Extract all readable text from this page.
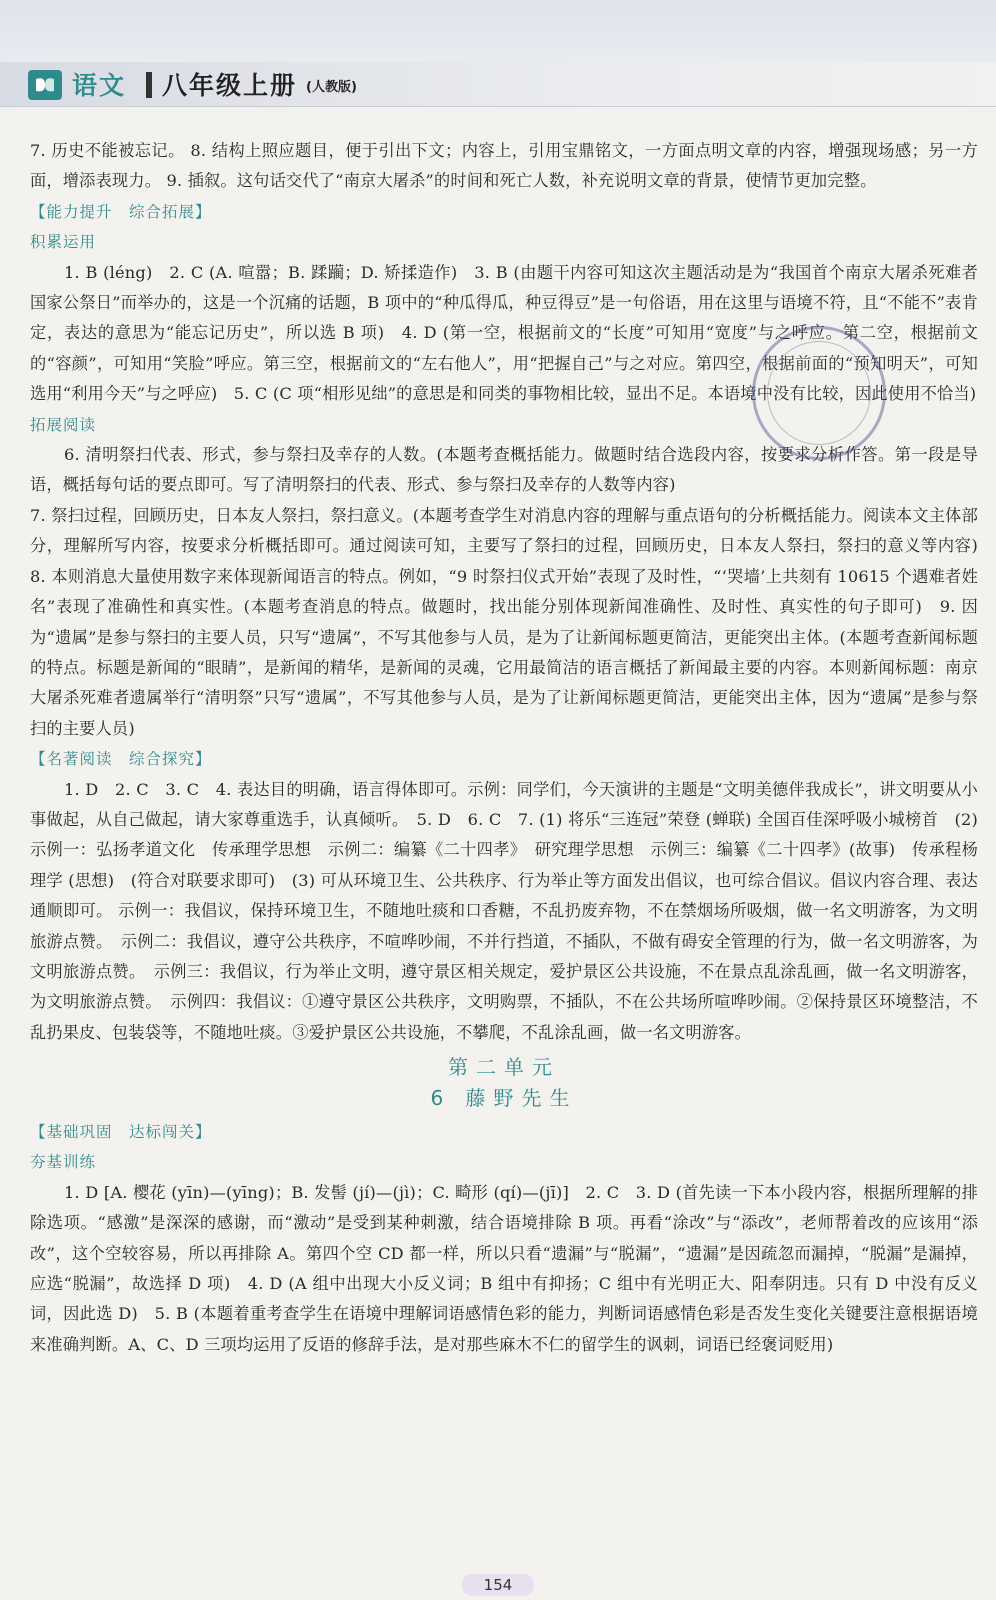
语文 八年级上册 (人教版)

7. 历史不能被忘记。 8. 结构上照应题目，便于引出下文；内容上，引用宝鼎铭文，一方面点明文章的内容，增强现场感；另一方面，增添表现力。 9. 插叙。这句话交代了“南京大屠杀”的时间和死亡人数，补充说明文章的背景，使情节更加完整。

【能力提升　综合拓展】

积累运用

1. B (léng)　2. C (A. 喧嚣；B. 蹂躏；D. 矫揉造作)　3. B (由题干内容可知这次主题活动是为“我国首个南京大屠杀死难者国家公祭日”而举办的，这是一个沉痛的话题，B 项中的“种瓜得瓜，种豆得豆”是一句俗语，用在这里与语境不符，且“不能不”表肯定，表达的意思为“能忘记历史”，所以选 B 项)　4. D (第一空，根据前文的“长度”可知用“宽度”与之呼应。第二空，根据前文的“容颜”，可知用“笑脸”呼应。第三空，根据前文的“左右他人”，用“把握自己”与之对应。第四空，根据前面的“预知明天”，可知选用“利用今天”与之呼应)　5. C (C 项“相形见绌”的意思是和同类的事物相比较，显出不足。本语境中没有比较，因此使用不恰当)

拓展阅读

6. 清明祭扫代表、形式，参与祭扫及幸存的人数。(本题考查概括能力。做题时结合选段内容，按要求分析作答。第一段是导语，概括每句话的要点即可。写了清明祭扫的代表、形式、参与祭扫及幸存的人数等内容)

7. 祭扫过程，回顾历史，日本友人祭扫，祭扫意义。(本题考查学生对消息内容的理解与重点语句的分析概括能力。阅读本文主体部分，理解所写内容，按要求分析概括即可。通过阅读可知，主要写了祭扫的过程，回顾历史，日本友人祭扫，祭扫的意义等内容)　8. 本则消息大量使用数字来体现新闻语言的特点。例如，“9 时祭扫仪式开始”表现了及时性，“‘哭墙’上共刻有 10615 个遇难者姓名”表现了准确性和真实性。(本题考查消息的特点。做题时，找出能分别体现新闻准确性、及时性、真实性的句子即可)　9. 因为“遗属”是参与祭扫的主要人员，只写“遗属”，不写其他参与人员，是为了让新闻标题更简洁，更能突出主体。(本题考查新闻标题的特点。标题是新闻的“眼睛”，是新闻的精华，是新闻的灵魂，它用最简洁的语言概括了新闻最主要的内容。本则新闻标题：南京大屠杀死难者遗属举行“清明祭”只写“遗属”，不写其他参与人员，是为了让新闻标题更简洁，更能突出主体，因为“遗属”是参与祭扫的主要人员)

【名著阅读　综合探究】

1. D　2. C　3. C　4. 表达目的明确，语言得体即可。示例：同学们，今天演讲的主题是“文明美德伴我成长”，讲文明要从小事做起，从自己做起，请大家尊重选手，认真倾听。　5. D　6. C　7. (1) 将乐“三连冠”荣登 (蝉联) 全国百佳深呼吸小城榜首　(2) 示例一：弘扬孝道文化　传承理学思想　示例二：编纂《二十四孝》　研究理学思想　示例三：编纂《二十四孝》(故事)　传承程杨理学 (思想)　(符合对联要求即可)　(3) 可从环境卫生、公共秩序、行为举止等方面发出倡议，也可综合倡议。倡议内容合理、表达通顺即可。 示例一：我倡议，保持环境卫生，不随地吐痰和口香糖，不乱扔废弃物，不在禁烟场所吸烟，做一名文明游客，为文明旅游点赞。　示例二：我倡议，遵守公共秩序，不喧哗吵闹，不并行挡道，不插队，不做有碍安全管理的行为，做一名文明游客，为文明旅游点赞。　示例三：我倡议，行为举止文明，遵守景区相关规定，爱护景区公共设施，不在景点乱涂乱画，做一名文明游客，为文明旅游点赞。　示例四：我倡议：①遵守景区公共秩序，文明购票，不插队，不在公共场所喧哗吵闹。②保持景区环境整洁，不乱扔果皮、包装袋等，不随地吐痰。③爱护景区公共设施，不攀爬，不乱涂乱画，做一名文明游客。

第二单元

6 藤野先生

【基础巩固　达标闯关】

夯基训练

1. D [A. 樱花 (yīn)—(yīng)；B. 发髻 (jí)—(jì)；C. 畸形 (qí)—(jī)]　2. C　3. D (首先读一下本小段内容，根据所理解的排除选项。“感激”是深深的感谢，而“激动”是受到某种刺激，结合语境排除 B 项。再看“涂改”与“添改”，老师帮着改的应该用“添改”，这个空较容易，所以再排除 A。第四个空 CD 都一样，所以只看“遗漏”与“脱漏”，“遗漏”是因疏忽而漏掉，“脱漏”是漏掉，应选“脱漏”，故选择 D 项)　4. D (A 组中出现大小反义词；B 组中有抑扬；C 组中有光明正大、阳奉阴违。只有 D 中没有反义词，因此选 D)　5. B (本题着重考查学生在语境中理解词语感情色彩的能力，判断词语感情色彩是否发生变化关键要注意根据语境来准确判断。A、C、D 三项均运用了反语的修辞手法，是对那些麻木不仁的留学生的讽刺，词语已经褒词贬用)

154
